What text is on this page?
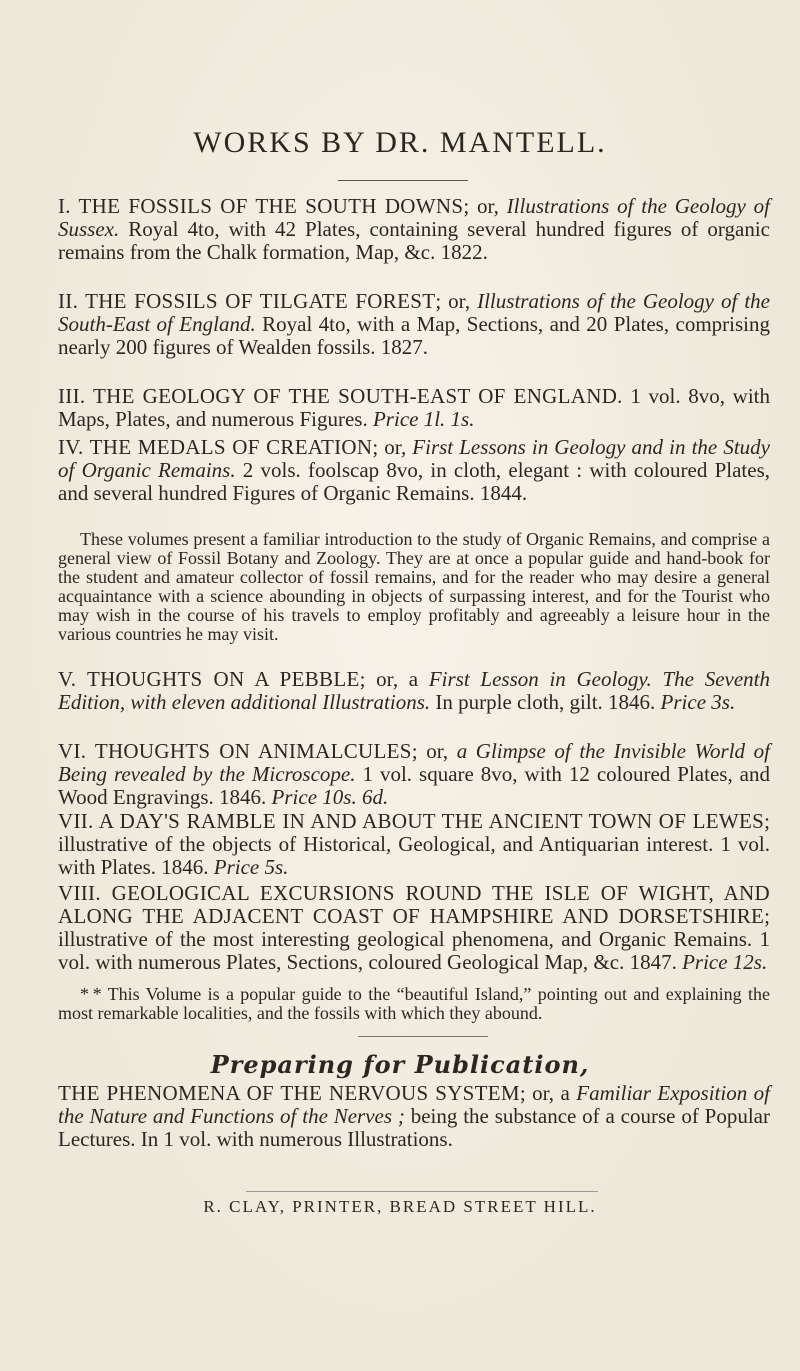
WORKS BY DR. MANTELL.
I. THE FOSSILS OF THE SOUTH DOWNS; or, Illustrations of the Geology of Sussex. Royal 4to, with 42 Plates, containing several hundred figures of organic remains from the Chalk formation, Map, &c. 1822.
II. THE FOSSILS OF TILGATE FOREST; or, Illustrations of the Geology of the South-East of England. Royal 4to, with a Map, Sections, and 20 Plates, comprising nearly 200 figures of Wealden fossils. 1827.
III. THE GEOLOGY OF THE SOUTH-EAST OF ENGLAND. 1 vol. 8vo, with Maps, Plates, and numerous Figures. Price 1l. 1s.
IV. THE MEDALS OF CREATION; or, First Lessons in Geology and in the Study of Organic Remains. 2 vols. foolscap 8vo, in cloth, elegant : with coloured Plates, and several hundred Figures of Organic Remains. 1844.
These volumes present a familiar introduction to the study of Organic Remains, and comprise a general view of Fossil Botany and Zoology. They are at once a popular guide and hand-book for the student and amateur collector of fossil remains, and for the reader who may desire a general acquaintance with a science abounding in objects of surpassing interest, and for the Tourist who may wish in the course of his travels to employ profitably and agreeably a leisure hour in the various countries he may visit.
V. THOUGHTS ON A PEBBLE; or, a First Lesson in Geology. The Seventh Edition, with eleven additional Illustrations. In purple cloth, gilt. 1846. Price 3s.
VI. THOUGHTS ON ANIMALCULES; or, a Glimpse of the Invisible World of Being revealed by the Microscope. 1 vol. square 8vo, with 12 coloured Plates, and Wood Engravings. 1846. Price 10s. 6d.
VII. A DAY'S RAMBLE IN AND ABOUT THE ANCIENT TOWN OF LEWES; illustrative of the objects of Historical, Geological, and Antiquarian interest. 1 vol. with Plates. 1846. Price 5s.
VIII. GEOLOGICAL EXCURSIONS ROUND THE ISLE OF WIGHT, AND ALONG THE ADJACENT COAST OF HAMPSHIRE AND DORSETSHIRE; illustrative of the most interesting geological phenomena, and Organic Remains. 1 vol. with numerous Plates, Sections, coloured Geological Map, &c. 1847. Price 12s.
* * This Volume is a popular guide to the “beautiful Island,” pointing out and explaining the most remarkable localities, and the fossils with which they abound.
Preparing for Publication,
THE PHENOMENA OF THE NERVOUS SYSTEM; or, a Familiar Exposition of the Nature and Functions of the Nerves ; being the substance of a course of Popular Lectures. In 1 vol. with numerous Illustrations.
R. CLAY, PRINTER, BREAD STREET HILL.
